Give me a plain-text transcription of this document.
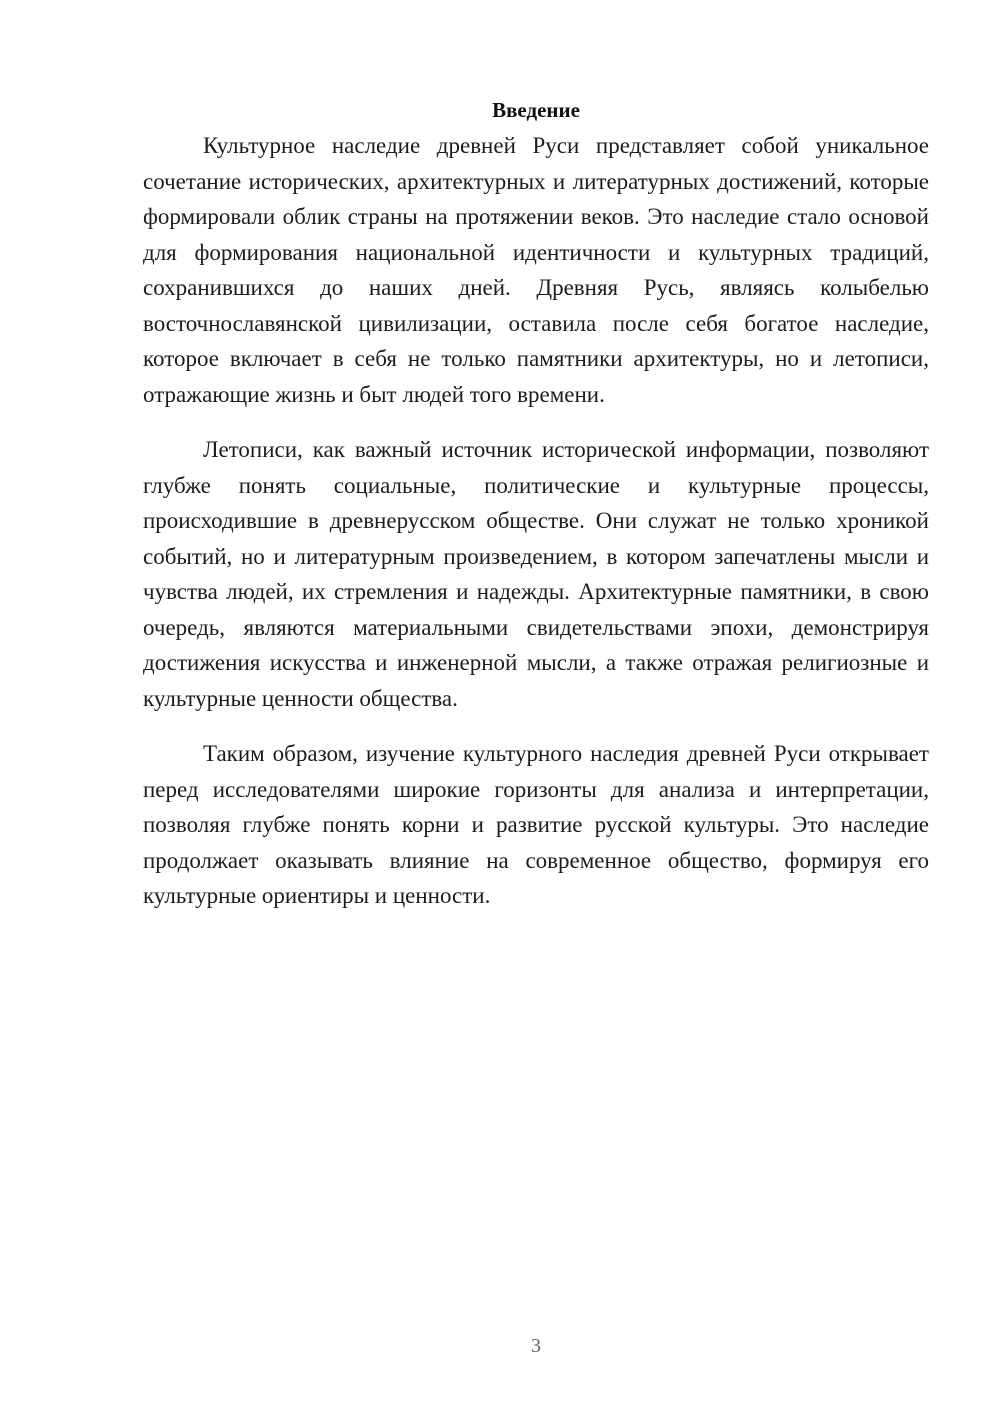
Введение

Культурное наследие древней Руси представляет собой уникальное сочетание исторических, архитектурных и литературных достижений, которые формировали облик страны на протяжении веков. Это наследие стало основой для формирования национальной идентичности и культурных традиций, сохранившихся до наших дней. Древняя Русь, являясь колыбелью восточнославянской цивилизации, оставила после себя богатое наследие, которое включает в себя не только памятники архитектуры, но и летописи, отражающие жизнь и быт людей того времени.

Летописи, как важный источник исторической информации, позволяют глубже понять социальные, политические и культурные процессы, происходившие в древнерусском обществе. Они служат не только хроникой событий, но и литературным произведением, в котором запечатлены мысли и чувства людей, их стремления и надежды. Архитектурные памятники, в свою очередь, являются материальными свидетельствами эпохи, демонстрируя достижения искусства и инженерной мысли, а также отражая религиозные и культурные ценности общества.

Таким образом, изучение культурного наследия древней Руси открывает перед исследователями широкие горизонты для анализа и интерпретации, позволяя глубже понять корни и развитие русской культуры. Это наследие продолжает оказывать влияние на современное общество, формируя его культурные ориентиры и ценности.

3
